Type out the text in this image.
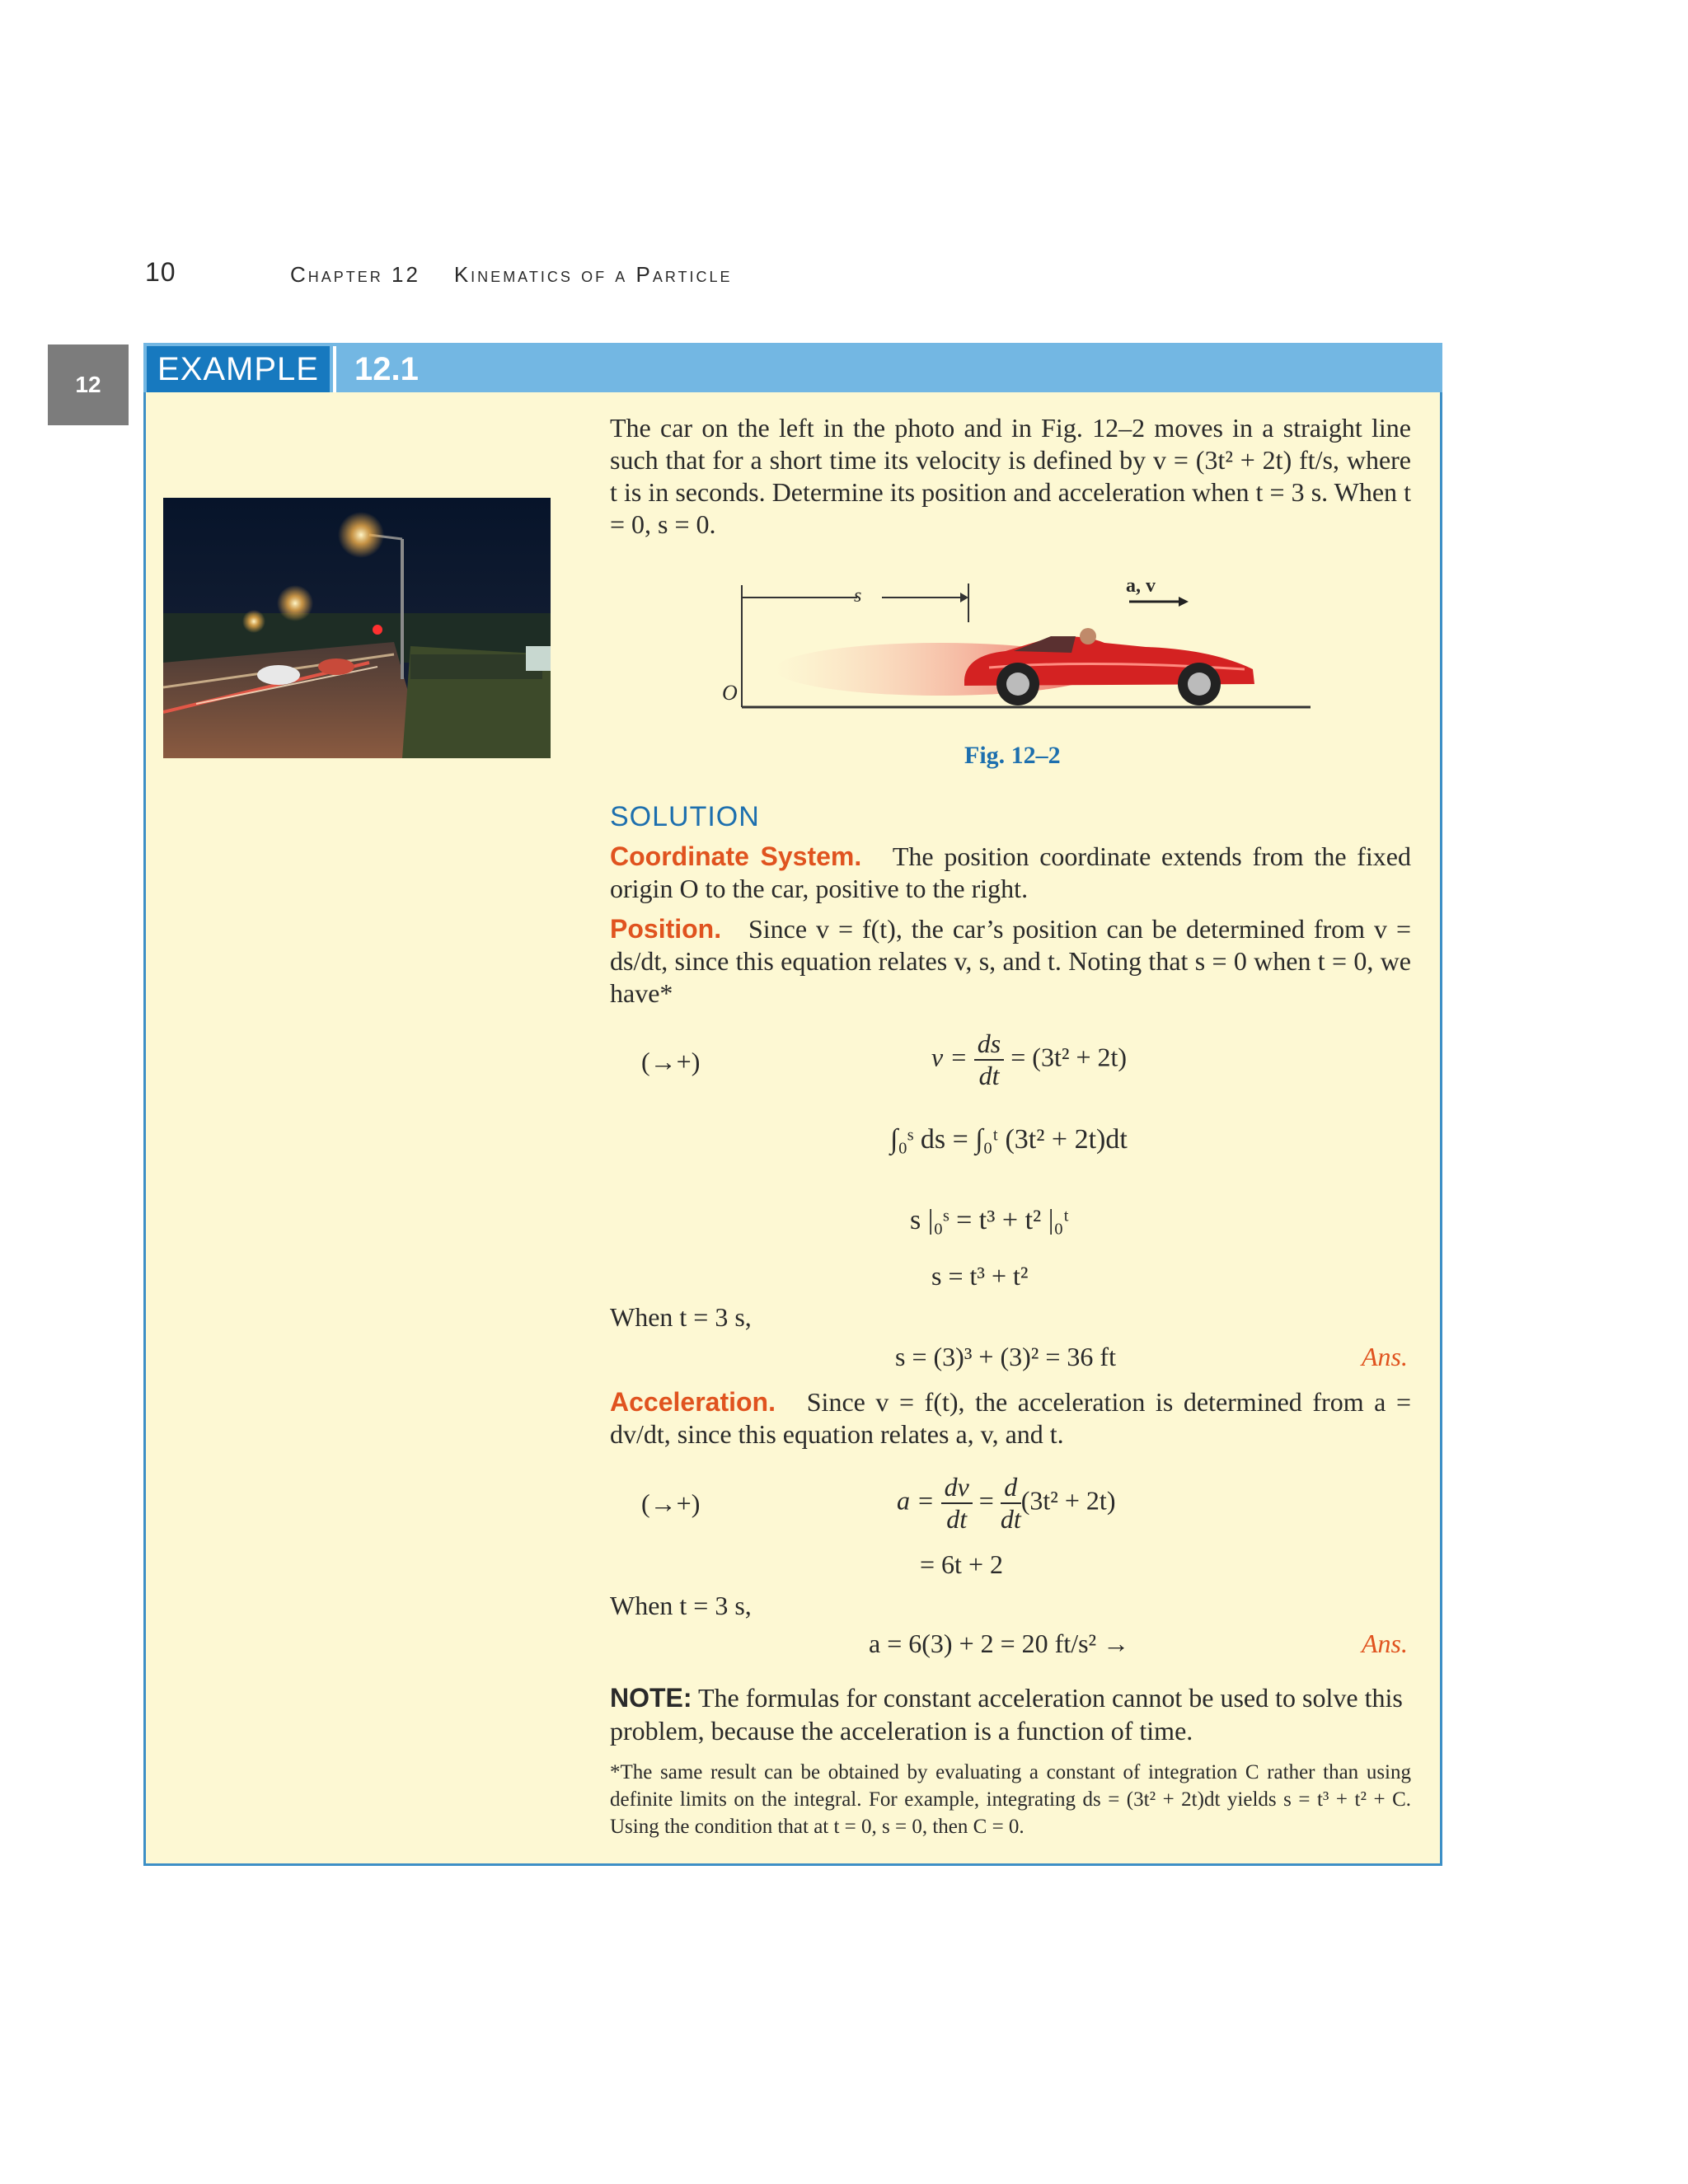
10	Chapter 12 Kinematics of a Particle
12	EXAMPLE	12.1
The car on the left in the photo and in Fig. 12–2 moves in a straight line such that for a short time its velocity is defined by v = (3t² + 2t) ft/s, where t is in seconds. Determine its position and acceleration when t = 3 s. When t = 0, s = 0.
s	a, v
O
Fig. 12–2
SOLUTION
Coordinate System. The position coordinate extends from the fixed origin O to the car, positive to the right.
Position. Since v = f(t), the car’s position can be determined from v = ds/dt, since this equation relates v, s, and t. Noting that s = 0 when t = 0, we have*
(→+)	$v = \frac{ds}{dt} = (3t^2 + 2t)$
∫₀ˢ ds = ∫₀ᵗ (3t² + 2t)dt
s |₀ˢ = t³ + t² |₀ᵗ
s = t³ + t²
When t = 3 s,
s = (3)³ + (3)² = 36 ft	Ans.
Acceleration. Since v = f(t), the acceleration is determined from a = dv/dt, since this equation relates a, v, and t.
(→+)	$a = \frac{dv}{dt} = \frac{d}{dt} (3t^2 + 2t)$
= 6t + 2
When t = 3 s,
a = 6(3) + 2 = 20 ft/s² →	Ans.
NOTE: The formulas for constant acceleration cannot be used to solve this problem, because the acceleration is a function of time.
*The same result can be obtained by evaluating a constant of integration C rather than using definite limits on the integral. For example, integrating ds = (3t² + 2t)dt yields s = t³ + t² + C. Using the condition that at t = 0, s = 0, then C = 0.
